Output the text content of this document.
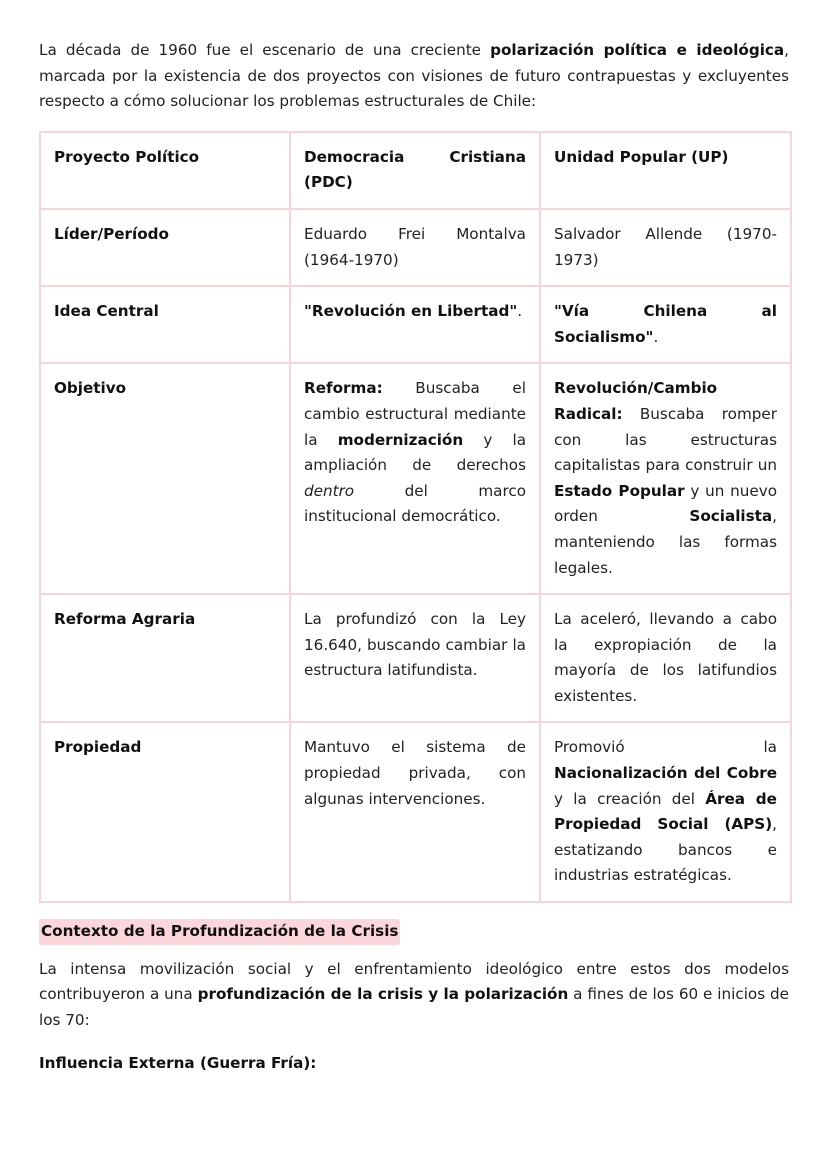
La década de 1960 fue el escenario de una creciente polarización política e ideológica, marcada por la existencia de dos proyectos con visiones de futuro contrapuestas y excluyentes respecto a cómo solucionar los problemas estructurales de Chile:

Proyecto Político	Democracia Cristiana (PDC)	Unidad Popular (UP)
Líder/Período	Eduardo Frei Montalva (1964-1970)	Salvador Allende (1970-1973)
Idea Central	"Revolución en Libertad".	"Vía Chilena al Socialismo".
Objetivo	Reforma: Buscaba el cambio estructural mediante la modernización y la ampliación de derechos dentro del marco institucional democrático.	Revolución/Cambio Radical: Buscaba romper con las estructuras capitalistas para construir un Estado Popular y un nuevo orden Socialista, manteniendo las formas legales.
Reforma Agraria	La profundizó con la Ley 16.640, buscando cambiar la estructura latifundista.	La aceleró, llevando a cabo la expropiación de la mayoría de los latifundios existentes.
Propiedad	Mantuvo el sistema de propiedad privada, con algunas intervenciones.	Promovió la Nacionalización del Cobre y la creación del Área de Propiedad Social (APS), estatizando bancos e industrias estratégicas.
Contexto de la Profundización de la Crisis

La intensa movilización social y el enfrentamiento ideológico entre estos dos modelos contribuyeron a una profundización de la crisis y la polarización a fines de los 60 e inicios de los 70:

Influencia Externa (Guerra Fría):
